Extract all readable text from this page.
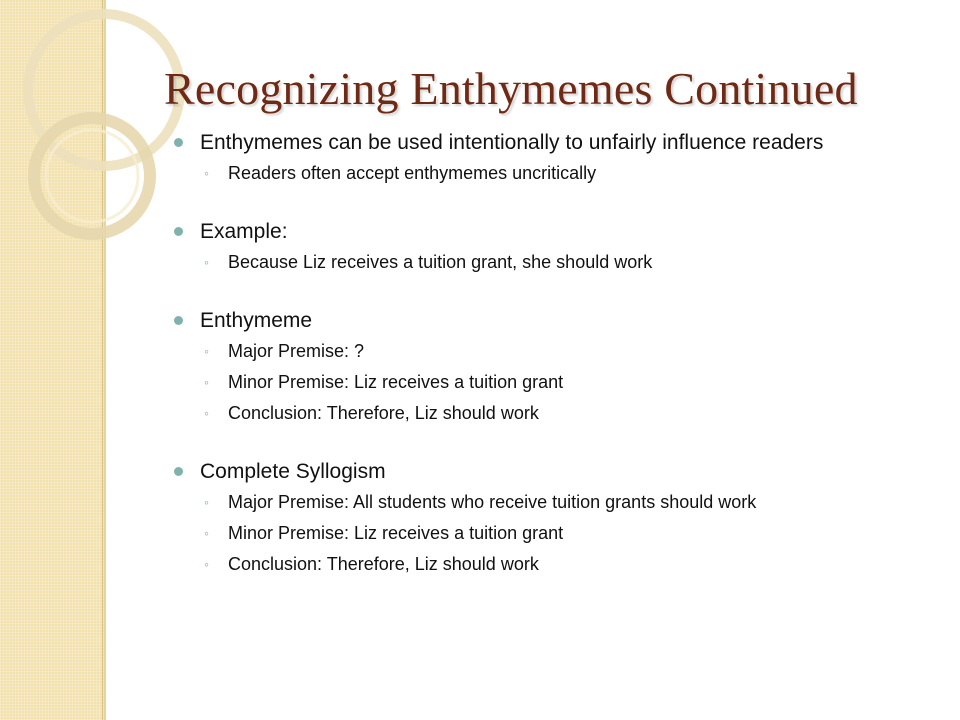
Recognizing Enthymemes Continued
Enthymemes can be used intentionally to unfairly influence readers
◦ Readers often accept enthymemes uncritically
Example:
◦ Because Liz receives a tuition grant, she should work
Enthymeme
◦ Major Premise: ?
◦ Minor Premise: Liz receives a tuition grant
◦ Conclusion: Therefore, Liz should work
Complete Syllogism
◦ Major Premise: All students who receive tuition grants should work
◦ Minor Premise: Liz receives a tuition grant
◦ Conclusion: Therefore, Liz should work
